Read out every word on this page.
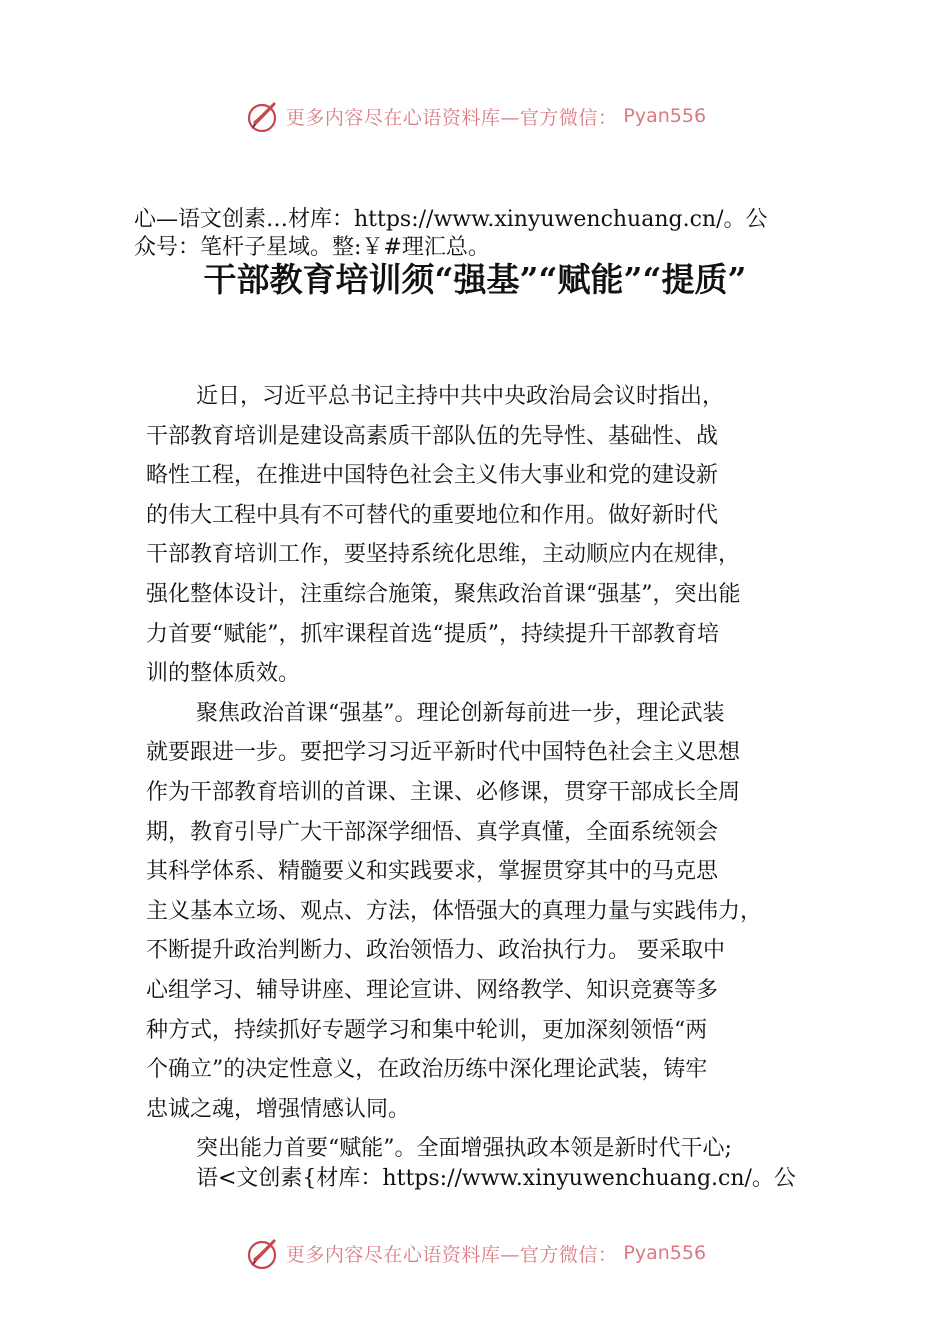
更多内容尽在心语资料库—官方微信： Pyan556
心—语文创素…材库：https://www.xinyuwenchuang.cn/。公
众号：笔杆子星域。整:￥#理汇总。
干部教育培训须“强基”“赋能”“提质”
近日，习近平总书记主持中共中央政治局会议时指出，
干部教育培训是建设高素质干部队伍的先导性、基础性、战
略性工程，在推进中国特色社会主义伟大事业和党的建设新
的伟大工程中具有不可替代的重要地位和作用。做好新时代
干部教育培训工作，要坚持系统化思维，主动顺应内在规律，
强化整体设计，注重综合施策，聚焦政治首课“强基”，突出能
力首要“赋能”，抓牢课程首选“提质”，持续提升干部教育培
训的整体质效。
聚焦政治首课“强基”。理论创新每前进一步，理论武装
就要跟进一步。要把学习习近平新时代中国特色社会主义思想
作为干部教育培训的首课、主课、必修课，贯穿干部成长全周
期，教育引导广大干部深学细悟、真学真懂，全面系统领会
其科学体系、精髓要义和实践要求，掌握贯穿其中的马克思
主义基本立场、观点、方法，体悟强大的真理力量与实践伟力，
不断提升政治判断力、政治领悟力、政治执行力。 要采取中
心组学习、辅导讲座、理论宣讲、网络教学、知识竞赛等多
种方式，持续抓好专题学习和集中轮训，更加深刻领悟“两
个确立”的决定性意义，在政治历练中深化理论武装，铸牢
忠诚之魂，增强情感认同。
突出能力首要“赋能”。全面增强执政本领是新时代干心;
语<文创素{材库：https://www.xinyuwenchuang.cn/。公
更多内容尽在心语资料库—官方微信： Pyan556
